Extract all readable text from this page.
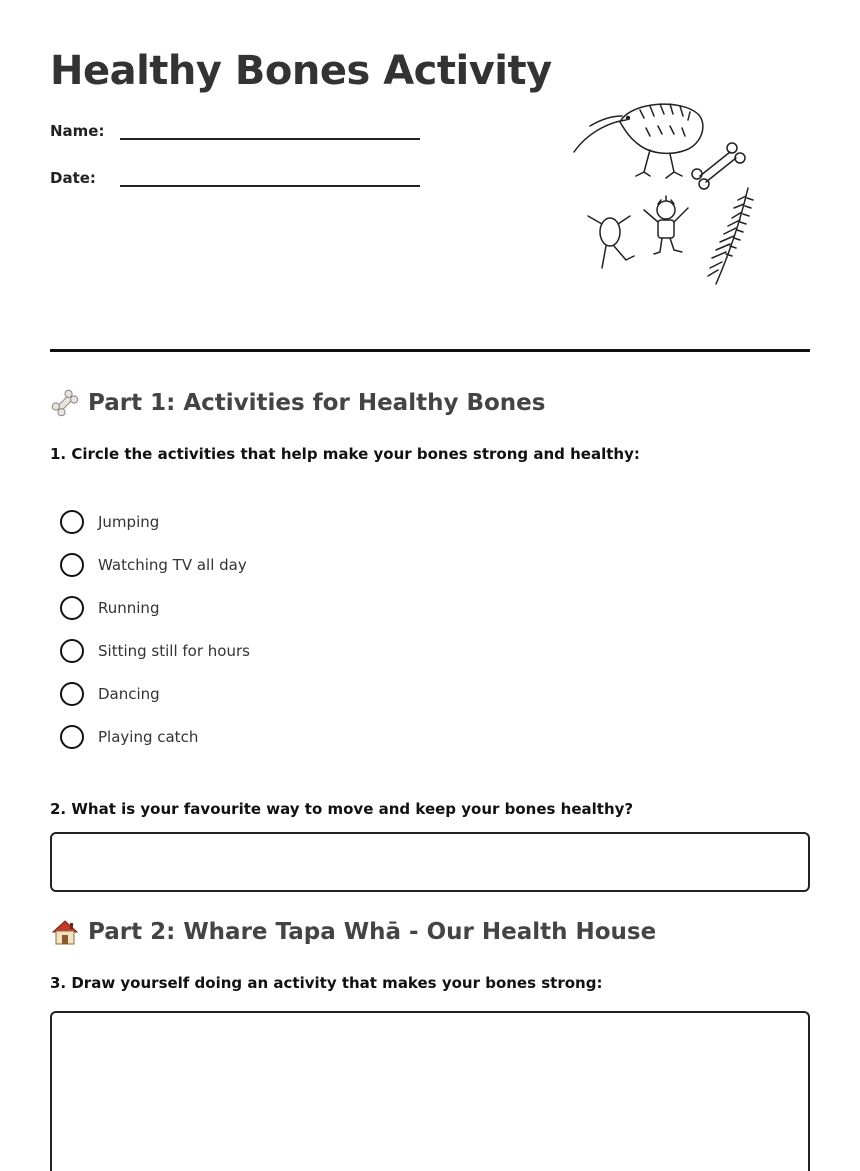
Healthy Bones Activity
Name:
Date:
Part 1: Activities for Healthy Bones

1. Circle the activities that help make your bones strong and healthy:

Jumping
Watching TV all day
Running
Sitting still for hours
Dancing
Playing catch

2. What is your favourite way to move and keep your bones healthy?

Part 2: Whare Tapa Whā - Our Health House

3. Draw yourself doing an activity that makes your bones strong:
